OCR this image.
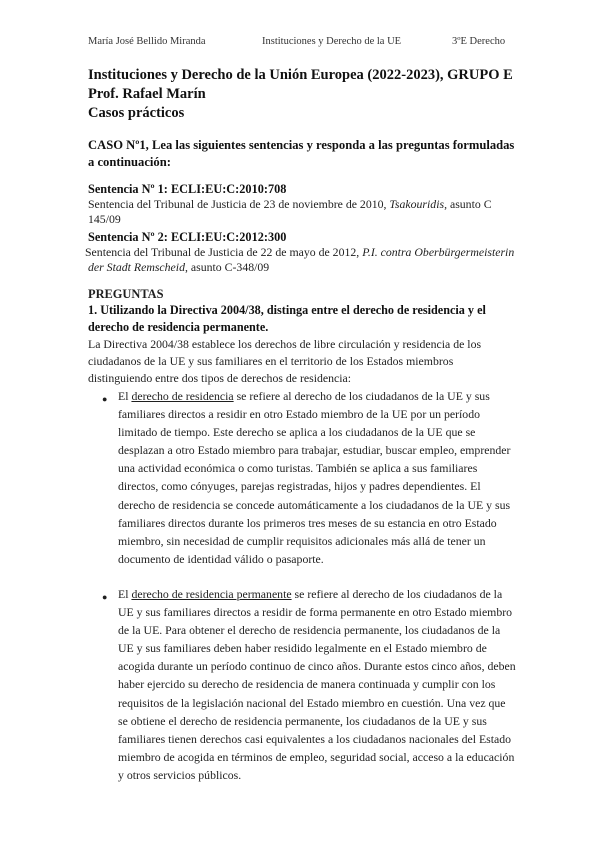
María José Bellido Miranda	Instituciones y Derecho de la UE	3ºE Derecho
Instituciones y Derecho de la Unión Europea (2022-2023), GRUPO E
Prof. Rafael Marín
Casos prácticos
CASO Nº1, Lea las siguientes sentencias y responda a las preguntas formuladas a continuación:
Sentencia Nº 1: ECLI:EU:C:2010:708
Sentencia del Tribunal de Justicia de 23 de noviembre de 2010, Tsakouridis, asunto C 145/09
Sentencia Nº 2: ECLI:EU:C:2012:300
Sentencia del Tribunal de Justicia de 22 de mayo de 2012, P.I. contra Oberbürgermeisterin der Stadt Remscheid, asunto C-348/09
PREGUNTAS
1. Utilizando la Directiva 2004/38, distinga entre el derecho de residencia y el derecho de residencia permanente.
La Directiva 2004/38 establece los derechos de libre circulación y residencia de los ciudadanos de la UE y sus familiares en el territorio de los Estados miembros distinguiendo entre dos tipos de derechos de residencia:
● El derecho de residencia se refiere al derecho de los ciudadanos de la UE y sus familiares directos a residir en otro Estado miembro de la UE por un período limitado de tiempo. Este derecho se aplica a los ciudadanos de la UE que se desplazan a otro Estado miembro para trabajar, estudiar, buscar empleo, emprender una actividad económica o como turistas. También se aplica a sus familiares directos, como cónyuges, parejas registradas, hijos y padres dependientes. El derecho de residencia se concede automáticamente a los ciudadanos de la UE y sus familiares directos durante los primeros tres meses de su estancia en otro Estado miembro, sin necesidad de cumplir requisitos adicionales más allá de tener un documento de identidad válido o pasaporte.
● El derecho de residencia permanente se refiere al derecho de los ciudadanos de la UE y sus familiares directos a residir de forma permanente en otro Estado miembro de la UE. Para obtener el derecho de residencia permanente, los ciudadanos de la UE y sus familiares deben haber residido legalmente en el Estado miembro de acogida durante un período continuo de cinco años. Durante estos cinco años, deben haber ejercido su derecho de residencia de manera continuada y cumplir con los requisitos de la legislación nacional del Estado miembro en cuestión. Una vez que se obtiene el derecho de residencia permanente, los ciudadanos de la UE y sus familiares tienen derechos casi equivalentes a los ciudadanos nacionales del Estado miembro de acogida en términos de empleo, seguridad social, acceso a la educación y otros servicios públicos.
